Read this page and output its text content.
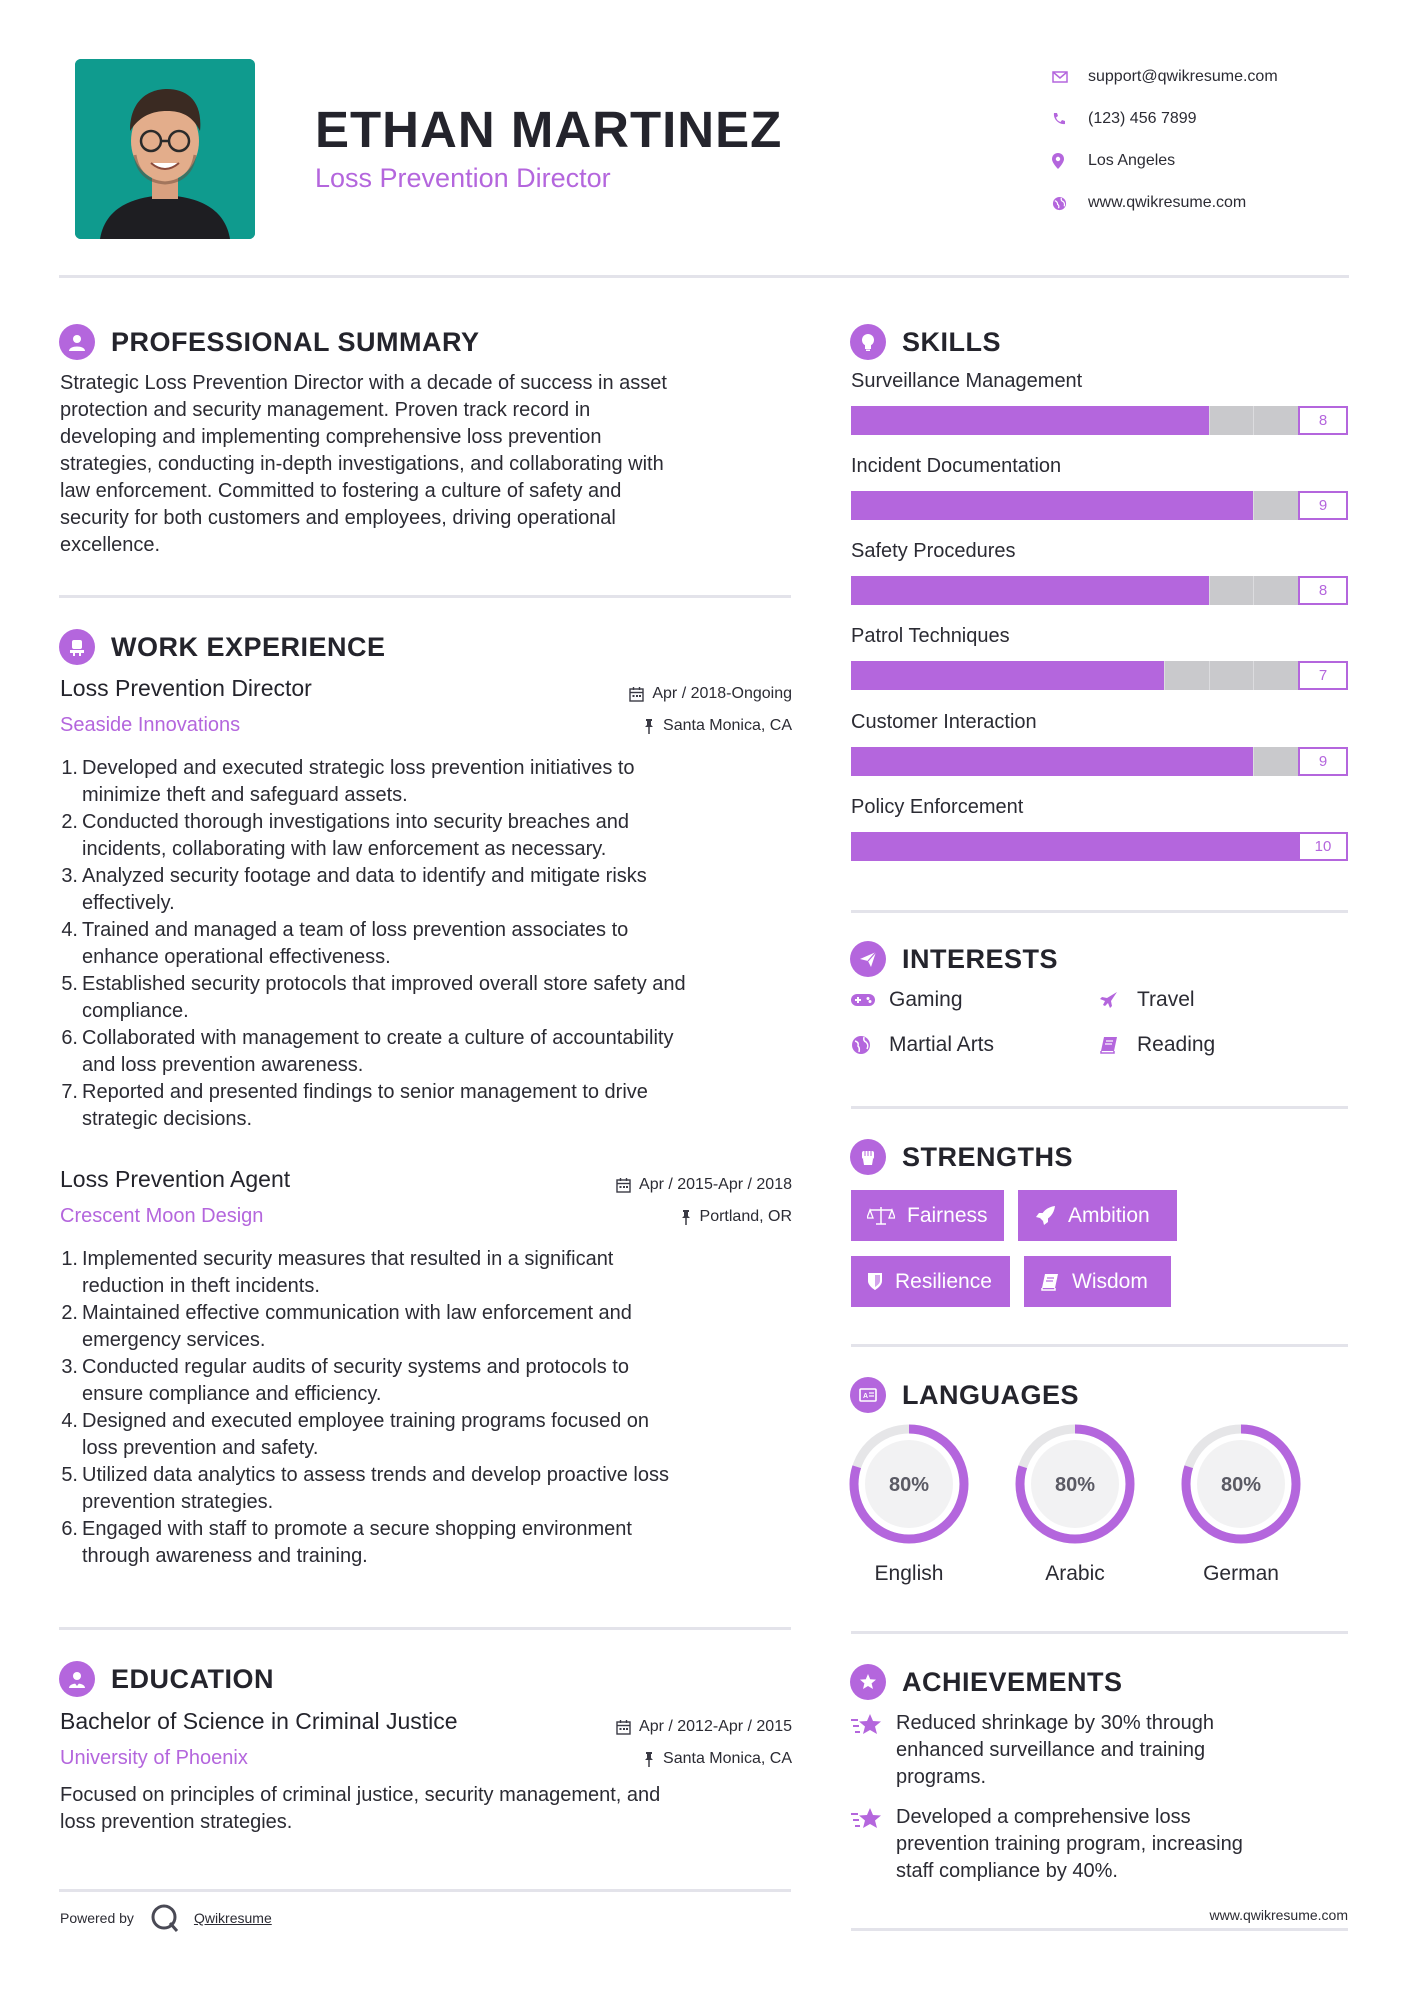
ETHAN MARTINEZ
Loss Prevention Director
support@qwikresume.com
(123) 456 7899
Los Angeles
www.qwikresume.com
PROFESSIONAL SUMMARY
Strategic Loss Prevention Director with a decade of success in asset
protection and security management. Proven track record in
developing and implementing comprehensive loss prevention
strategies, conducting in-depth investigations, and collaborating with
law enforcement. Committed to fostering a culture of safety and
security for both customers and employees, driving operational
excellence.
WORK EXPERIENCE
Loss Prevention Director	Apr / 2018-Ongoing
Seaside Innovations	Santa Monica, CA
1. Developed and executed strategic loss prevention initiatives to
minimize theft and safeguard assets.
2. Conducted thorough investigations into security breaches and
incidents, collaborating with law enforcement as necessary.
3. Analyzed security footage and data to identify and mitigate risks
effectively.
4. Trained and managed a team of loss prevention associates to
enhance operational effectiveness.
5. Established security protocols that improved overall store safety and
compliance.
6. Collaborated with management to create a culture of accountability
and loss prevention awareness.
7. Reported and presented findings to senior management to drive
strategic decisions.
Loss Prevention Agent	Apr / 2015-Apr / 2018
Crescent Moon Design	Portland, OR
1. Implemented security measures that resulted in a significant
reduction in theft incidents.
2. Maintained effective communication with law enforcement and
emergency services.
3. Conducted regular audits of security systems and protocols to
ensure compliance and efficiency.
4. Designed and executed employee training programs focused on
loss prevention and safety.
5. Utilized data analytics to assess trends and develop proactive loss
prevention strategies.
6. Engaged with staff to promote a secure shopping environment
through awareness and training.
EDUCATION
Bachelor of Science in Criminal Justice	Apr / 2012-Apr / 2015
University of Phoenix	Santa Monica, CA
Focused on principles of criminal justice, security management, and
loss prevention strategies.
Powered by	Qwikresume
SKILLS
Surveillance Management
8
Incident Documentation
9
Safety Procedures
8
Patrol Techniques
7
Customer Interaction
9
Policy Enforcement
10
INTERESTS
Gaming	Travel
Martial Arts	Reading
STRENGTHS
Fairness	Ambition
Resilience	Wisdom
A LANGUAGES
80%
English
80%
Arabic
80%
German
ACHIEVEMENTS
Reduced shrinkage by 30% through
enhanced surveillance and training
programs.
Developed a comprehensive loss
prevention training program, increasing
staff compliance by 40%.
www.qwikresume.com
